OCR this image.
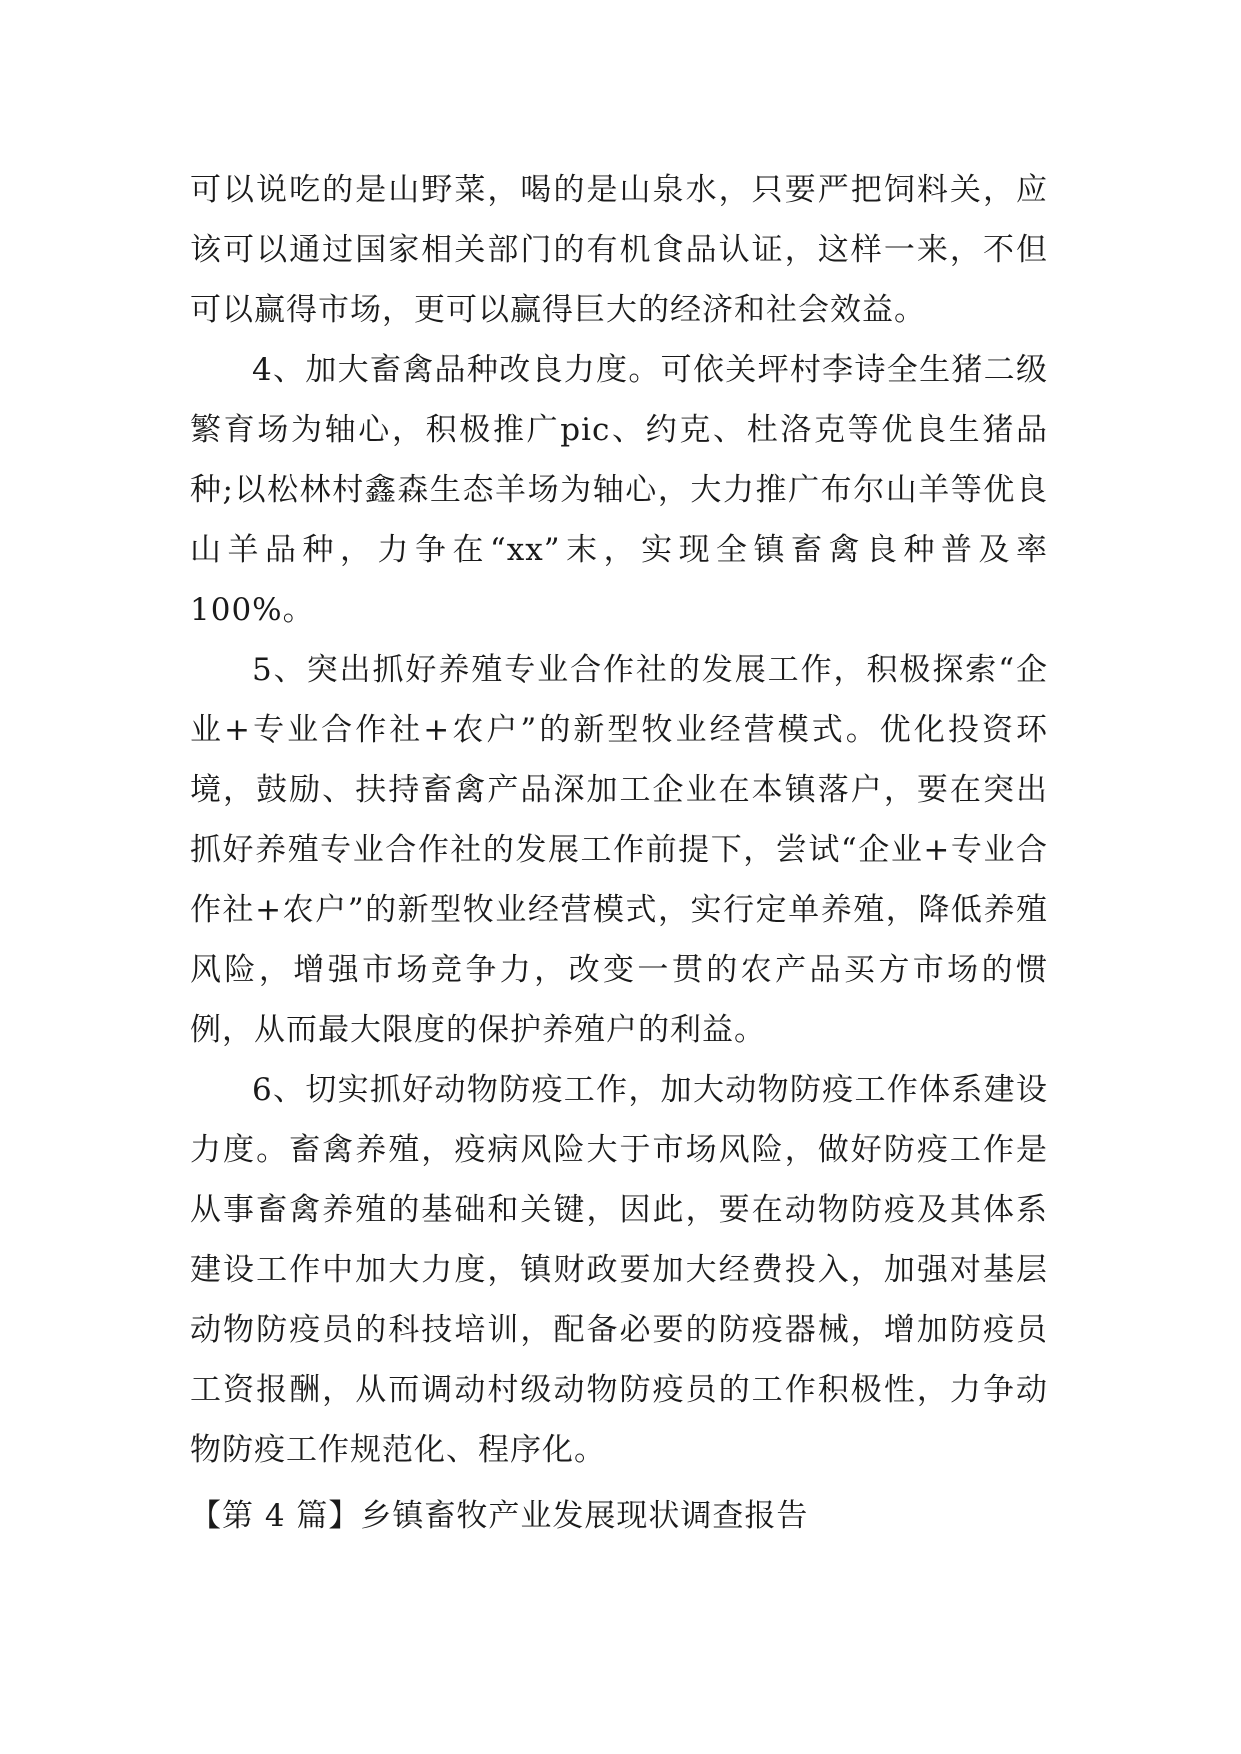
可以说吃的是山野菜，喝的是山泉水，只要严把饲料关，应该可以通过国家相关部门的有机食品认证，这样一来，不但可以赢得市场，更可以赢得巨大的经济和社会效益。

4、加大畜禽品种改良力度。可依关坪村李诗全生猪二级繁育场为轴心，积极推广pic、约克、杜洛克等优良生猪品种;以松林村鑫森生态羊场为轴心，大力推广布尔山羊等优良山羊品种，力争在“xx”末，实现全镇畜禽良种普及率100%。

5、突出抓好养殖专业合作社的发展工作，积极探索“企业+专业合作社+农户”的新型牧业经营模式。优化投资环境，鼓励、扶持畜禽产品深加工企业在本镇落户，要在突出抓好养殖专业合作社的发展工作前提下，尝试“企业+专业合作社+农户”的新型牧业经营模式，实行定单养殖，降低养殖风险，增强市场竞争力，改变一贯的农产品买方市场的惯例，从而最大限度的保护养殖户的利益。

6、切实抓好动物防疫工作，加大动物防疫工作体系建设力度。畜禽养殖，疫病风险大于市场风险，做好防疫工作是从事畜禽养殖的基础和关键，因此，要在动物防疫及其体系建设工作中加大力度，镇财政要加大经费投入，加强对基层动物防疫员的科技培训，配备必要的防疫器械，增加防疫员工资报酬，从而调动村级动物防疫员的工作积极性，力争动物防疫工作规范化、程序化。

【第 4 篇】乡镇畜牧产业发展现状调查报告
